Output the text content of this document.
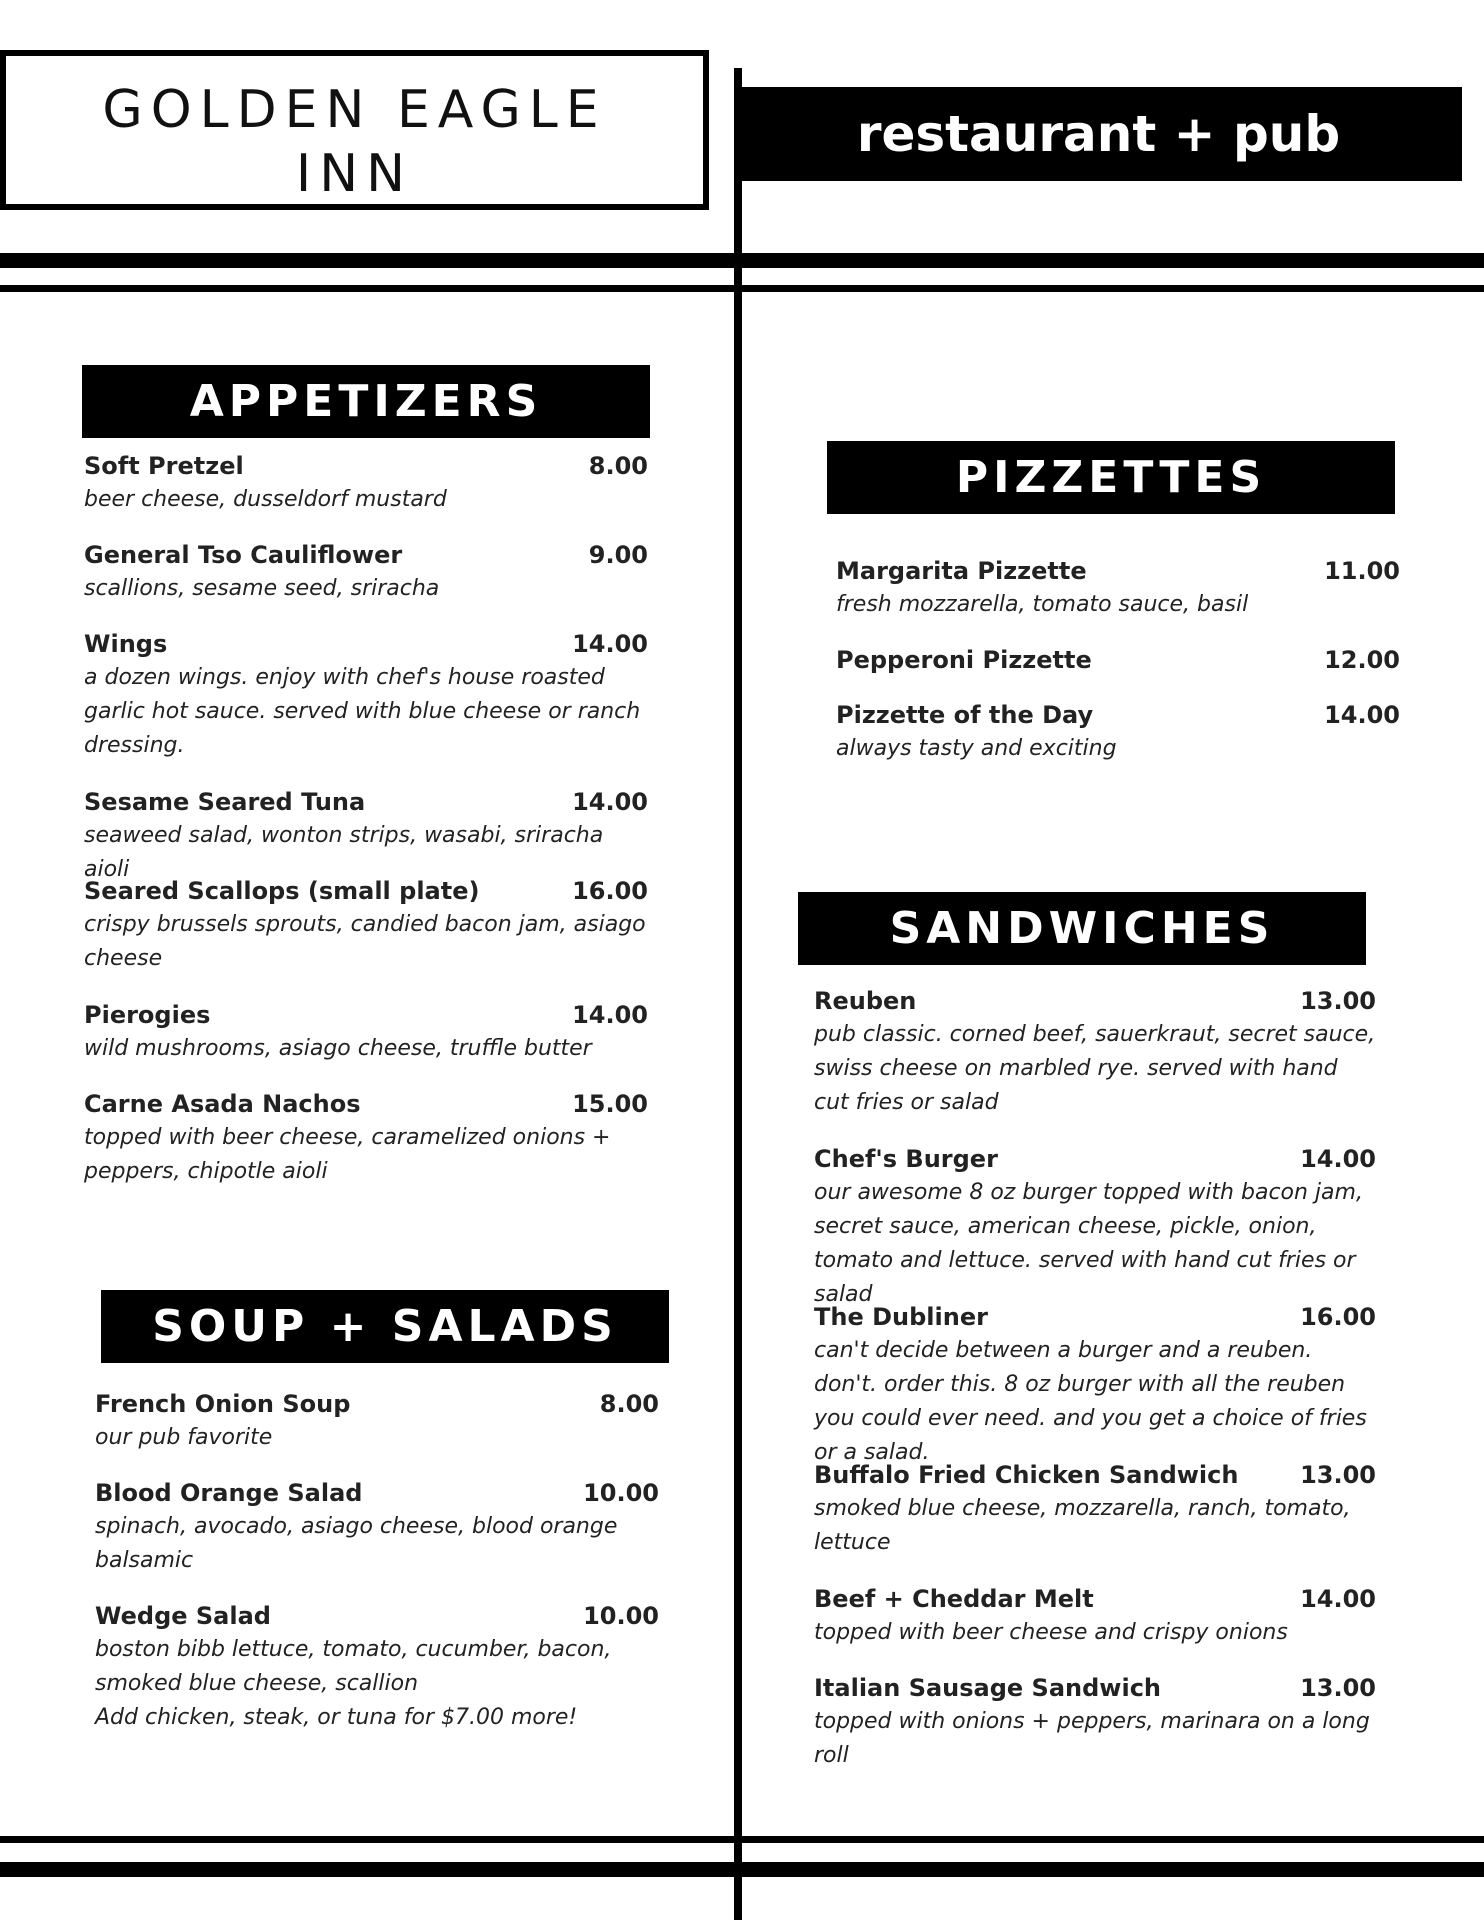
GOLDEN EAGLE
INN
restaurant + pub
APPETIZERS
Soft Pretzel	8.00
beer cheese, dusseldorf mustard
General Tso Cauliflower	9.00
scallions, sesame seed, sriracha
Wings	14.00
a dozen wings. enjoy with chef's house roasted garlic hot sauce. served with blue cheese or ranch dressing.
Sesame Seared Tuna	14.00
seaweed salad, wonton strips, wasabi, sriracha aioli
Seared Scallops (small plate)	16.00
crispy brussels sprouts, candied bacon jam, asiago cheese
Pierogies	14.00
wild mushrooms, asiago cheese, truffle butter
Carne Asada Nachos	15.00
topped with beer cheese, caramelized onions + peppers, chipotle aioli
SOUP + SALADS
French Onion Soup	8.00
our pub favorite
Blood Orange Salad	10.00
spinach, avocado, asiago cheese, blood orange balsamic
Wedge Salad	10.00
boston bibb lettuce, tomato, cucumber, bacon, smoked blue cheese, scallion
Add chicken, steak, or tuna for $7.00 more!
PIZZETTES
Margarita Pizzette	11.00
fresh mozzarella, tomato sauce, basil
Pepperoni Pizzette	12.00
Pizzette of the Day	14.00
always tasty and exciting
SANDWICHES
Reuben	13.00
pub classic. corned beef, sauerkraut, secret sauce, swiss cheese on marbled rye. served with hand cut fries or salad
Chef's Burger	14.00
our awesome 8 oz burger topped with bacon jam, secret sauce, american cheese, pickle, onion, tomato and lettuce. served with hand cut fries or salad
The Dubliner	16.00
can't decide between a burger and a reuben. don't. order this. 8 oz burger with all the reuben you could ever need. and you get a choice of fries or a salad.
Buffalo Fried Chicken Sandwich	13.00
smoked blue cheese, mozzarella, ranch, tomato, lettuce
Beef + Cheddar Melt	14.00
topped with beer cheese and crispy onions
Italian Sausage Sandwich	13.00
topped with onions + peppers, marinara on a long roll
